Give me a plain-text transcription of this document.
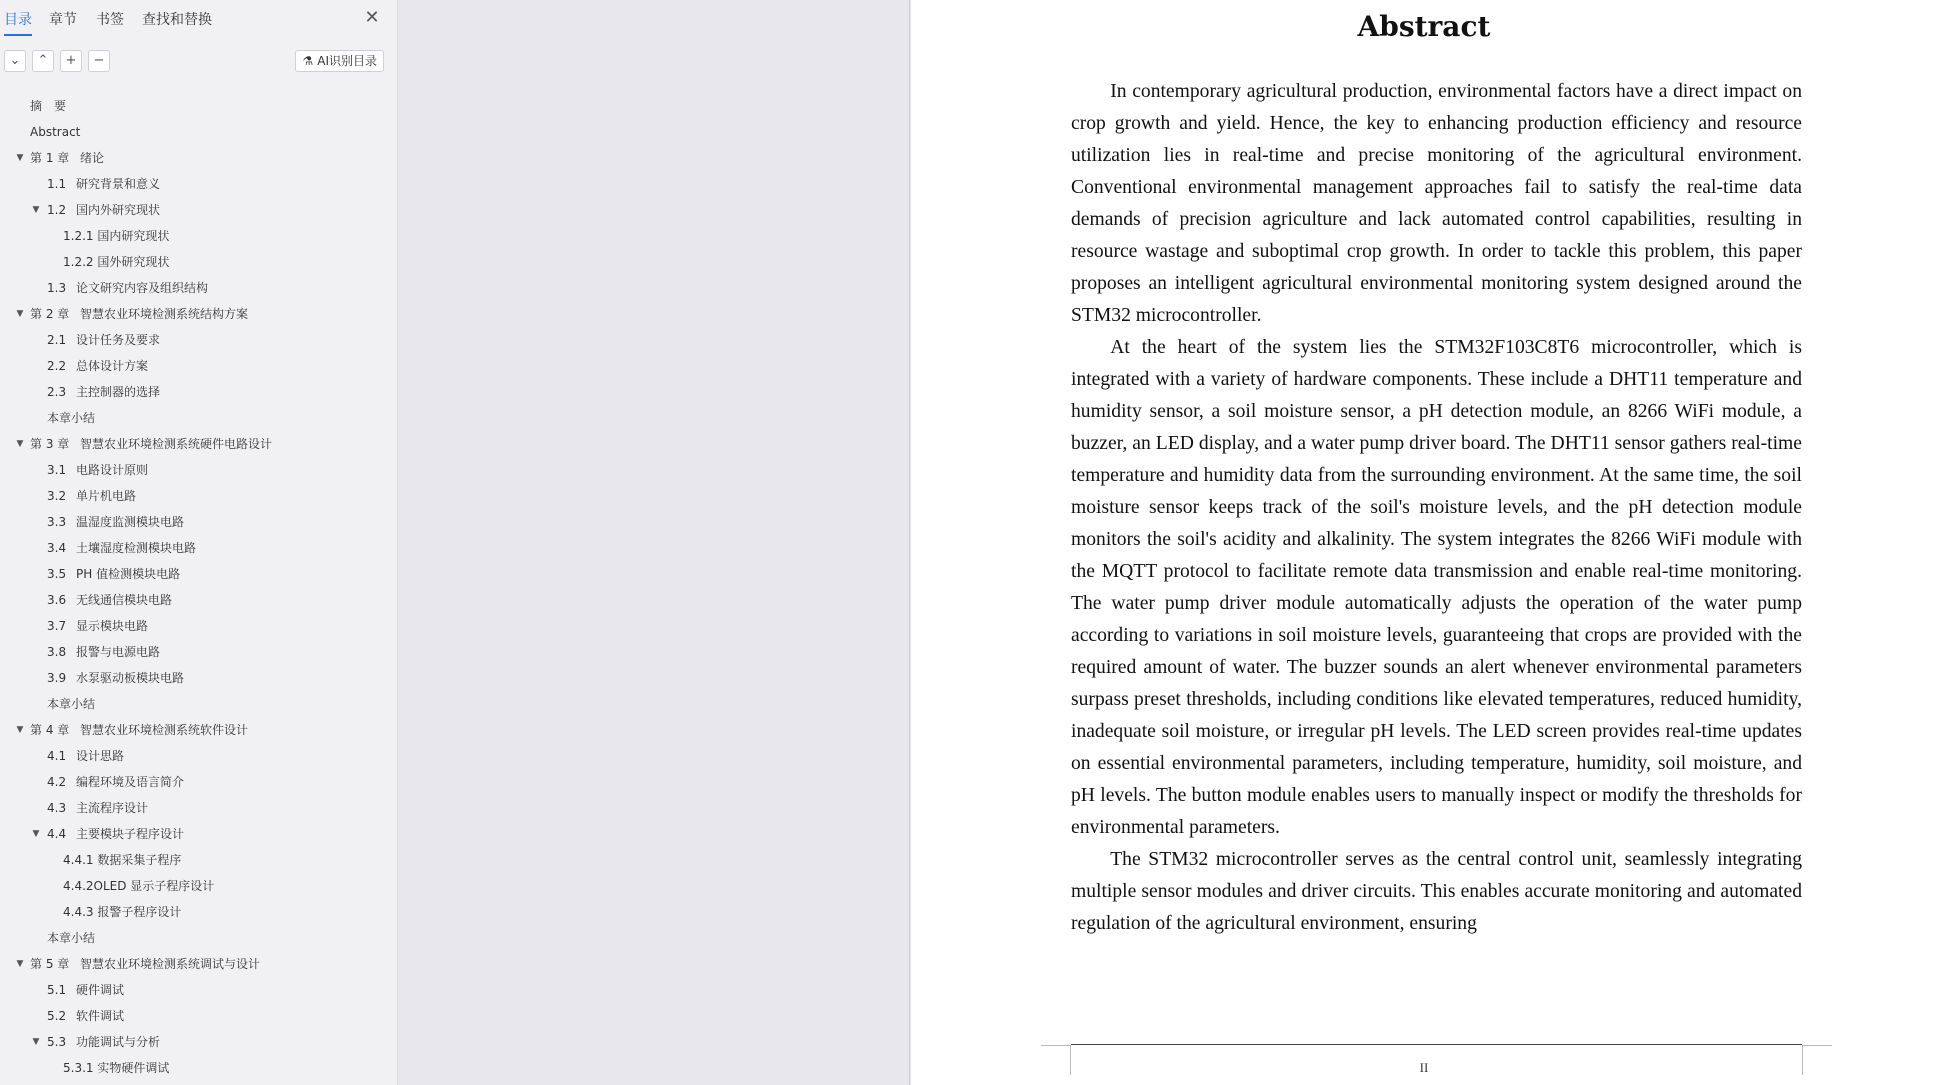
目录 章节 书签 查找和替换	✕
⌄	⌃	+	−	⚗ AI识别目录
摘　要
Abstract
▼ 第 1 章 绪论
1.1 研究背景和意义
▼ 1.2 国内外研究现状
1.2.1 国内研究现状
1.2.2 国外研究现状
1.3 论文研究内容及组织结构
▼ 第 2 章 智慧农业环境检测系统结构方案
2.1 设计任务及要求
2.2 总体设计方案
2.3 主控制器的选择
本章小结
▼ 第 3 章 智慧农业环境检测系统硬件电路设计
3.1 电路设计原则
3.2 单片机电路
3.3 温湿度监测模块电路
3.4 土壤湿度检测模块电路
3.5 PH 值检测模块电路
3.6 无线通信模块电路
3.7 显示模块电路
3.8 报警与电源电路
3.9 水泵驱动板模块电路
本章小结
▼ 第 4 章 智慧农业环境检测系统软件设计
4.1 设计思路
4.2 编程环境及语言简介
4.3 主流程序设计
▼ 4.4 主要模块子程序设计
4.4.1 数据采集子程序
4.4.2OLED 显示子程序设计
4.4.3 报警子程序设计
本章小结
▼ 第 5 章 智慧农业环境检测系统调试与设计
5.1 硬件调试
5.2 软件调试
▼ 5.3 功能调试与分析
5.3.1 实物硬件调试
Abstract

In contemporary agricultural production, environmental factors have a direct impact on crop growth and yield. Hence, the key to enhancing production efficiency and resource utilization lies in real-time and precise monitoring of the agricultural environment. Conventional environmental management approaches fail to satisfy the real-time data demands of precision agriculture and lack automated control capabilities, resulting in resource wastage and suboptimal crop growth. In order to tackle this problem, this paper proposes an intelligent agricultural environmental monitoring system designed around the STM32 microcontroller.

At the heart of the system lies the STM32F103C8T6 microcontroller, which is integrated with a variety of hardware components. These include a DHT11 temperature and humidity sensor, a soil moisture sensor, a pH detection module, an 8266 WiFi module, a buzzer, an LED display, and a water pump driver board. The DHT11 sensor gathers real-time temperature and humidity data from the surrounding environment. At the same time, the soil moisture sensor keeps track of the soil's moisture levels, and the pH detection module monitors the soil's acidity and alkalinity. The system integrates the 8266 WiFi module with the MQTT protocol to facilitate remote data transmission and enable real-time monitoring. The water pump driver module automatically adjusts the operation of the water pump according to variations in soil moisture levels, guaranteeing that crops are provided with the required amount of water. The buzzer sounds an alert whenever environmental parameters surpass preset thresholds, including conditions like elevated temperatures, reduced humidity, inadequate soil moisture, or irregular pH levels. The LED screen provides real-time updates on essential environmental parameters, including temperature, humidity, soil moisture, and pH levels. The button module enables users to manually inspect or modify the thresholds for environmental parameters.

The STM32 microcontroller serves as the central control unit, seamlessly integrating multiple sensor modules and driver circuits. This enables accurate monitoring and automated regulation of the agricultural environment, ensuring

II
